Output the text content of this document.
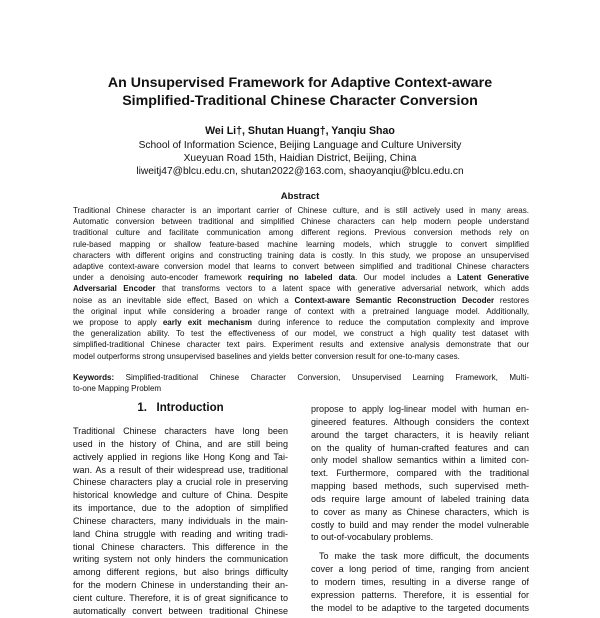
An Unsupervised Framework for Adaptive Context-aware
Simplified-Traditional Chinese Character Conversion
Wei Li†, Shutan Huang†, Yanqiu Shao
School of Information Science, Beijing Language and Culture University
Xueyuan Road 15th, Haidian District, Beijing, China
liweitj47@blcu.edu.cn, shutan2022@163.com, shaoyanqiu@blcu.edu.cn
Abstract
Traditional Chinese character is an important carrier of Chinese culture, and is still actively used in many areas.
Automatic conversion between traditional and simplified Chinese characters can help modern people understand
traditional culture and facilitate communication among different regions. Previous conversion methods rely on
rule-based mapping or shallow feature-based machine learning models, which struggle to convert simplified
characters with different origins and constructing training data is costly. In this study, we propose an unsupervised
adaptive context-aware conversion model that learns to convert between simplified and traditional Chinese characters
under a denoising auto-encoder framework requiring no labeled data. Our model includes a Latent Generative
Adversarial Encoder that transforms vectors to a latent space with generative adversarial network, which adds
noise as an inevitable side effect, Based on which a Context-aware Semantic Reconstruction Decoder restores
the original input while considering a broader range of context with a pretrained language model. Additionally,
we propose to apply early exit mechanism during inference to reduce the computation complexity and improve
the generalization ability. To test the effectiveness of our model, we construct a high quality test dataset with
simplified-traditional Chinese character text pairs. Experiment results and extensive analysis demonstrate that our
model outperforms strong unsupervised baselines and yields better conversion result for one-to-many cases.
Keywords: Simplified-traditional Chinese Character Conversion, Unsupervised Learning Framework, Multi-
to-one Mapping Problem
1. Introduction
Traditional Chinese characters have long been
used in the history of China, and are still being
actively applied in regions like Hong Kong and Tai-
wan. As a result of their widespread use, traditional
Chinese characters play a crucial role in preserving
historical knowledge and culture of China. Despite
its importance, due to the adoption of simplified
Chinese characters, many individuals in the main-
land China struggle with reading and writing tradi-
tional Chinese characters. This difference in the
writing system not only hinders the communication
among different regions, but also brings difficulty
for the modern Chinese in understanding their an-
cient culture. Therefore, it is of great significance to
automatically convert between traditional Chinese
propose to apply log-linear model with human en-
gineered features. Although considers the context
around the target characters, it is heavily reliant
on the quality of human-crafted features and can
only model shallow semantics within a limited con-
text. Furthermore, compared with the traditional
mapping based methods, such supervised meth-
ods require large amount of labeled training data
to cover as many as Chinese characters, which is
costly to build and may render the model vulnerable
to out-of-vocabulary problems.
To make the task more difficult, the documents
cover a long period of time, ranging from ancient
to modern times, resulting in a diverse range of
expression patterns. Therefore, it is essential for
the model to be adaptive to the targeted documents
